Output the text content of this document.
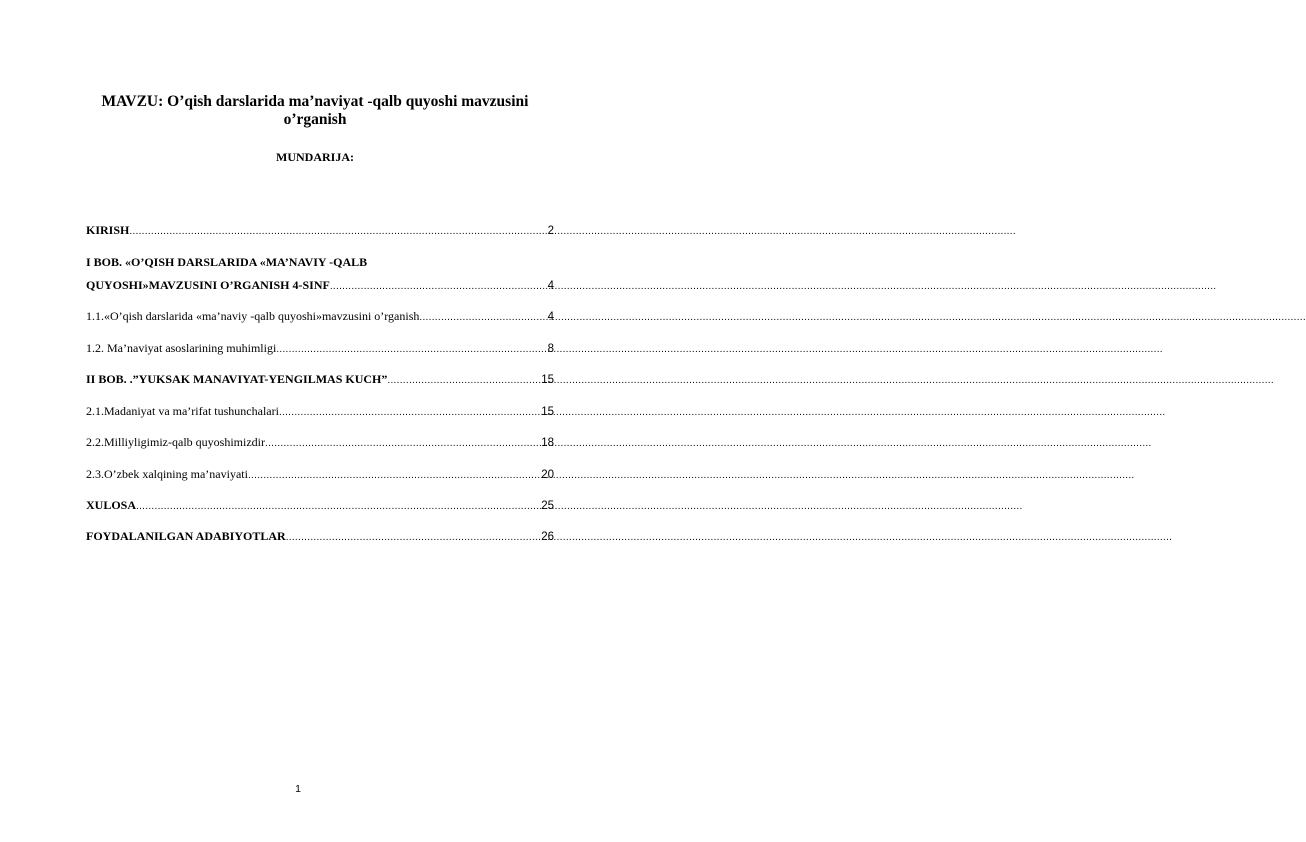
MAVZU: O’qish darslarida ma’naviyat -qalb quyoshi mavzusini o’rganish
MUNDARIJA:
KIRISH .....	2
I BOB. «O’QISH DARSLARIDA «MA’NAVIY -QALB
QUYOSHI»MAVZUSINI O’RGANISH 4-SINF .....	4
1.1.«O’qish darslarida «ma’naviy -qalb quyoshi»mavzusini o’rganish .....	4
1.2. Ma’naviyat asoslarining muhimligi .....	8
II BOB. .”YUKSAK MANAVIYAT-YENGILMAS KUCH” .....	15
2.1.Madaniyat va ma’rifat tushunchalari .....	15
2.2.Milliyligimiz-qalb quyoshimizdir .....	18
2.3.O’zbek xalqining ma’naviyati .....	20
XULOSA .....	25
FOYDALANILGAN ADABIYOTLAR .....	26
1
